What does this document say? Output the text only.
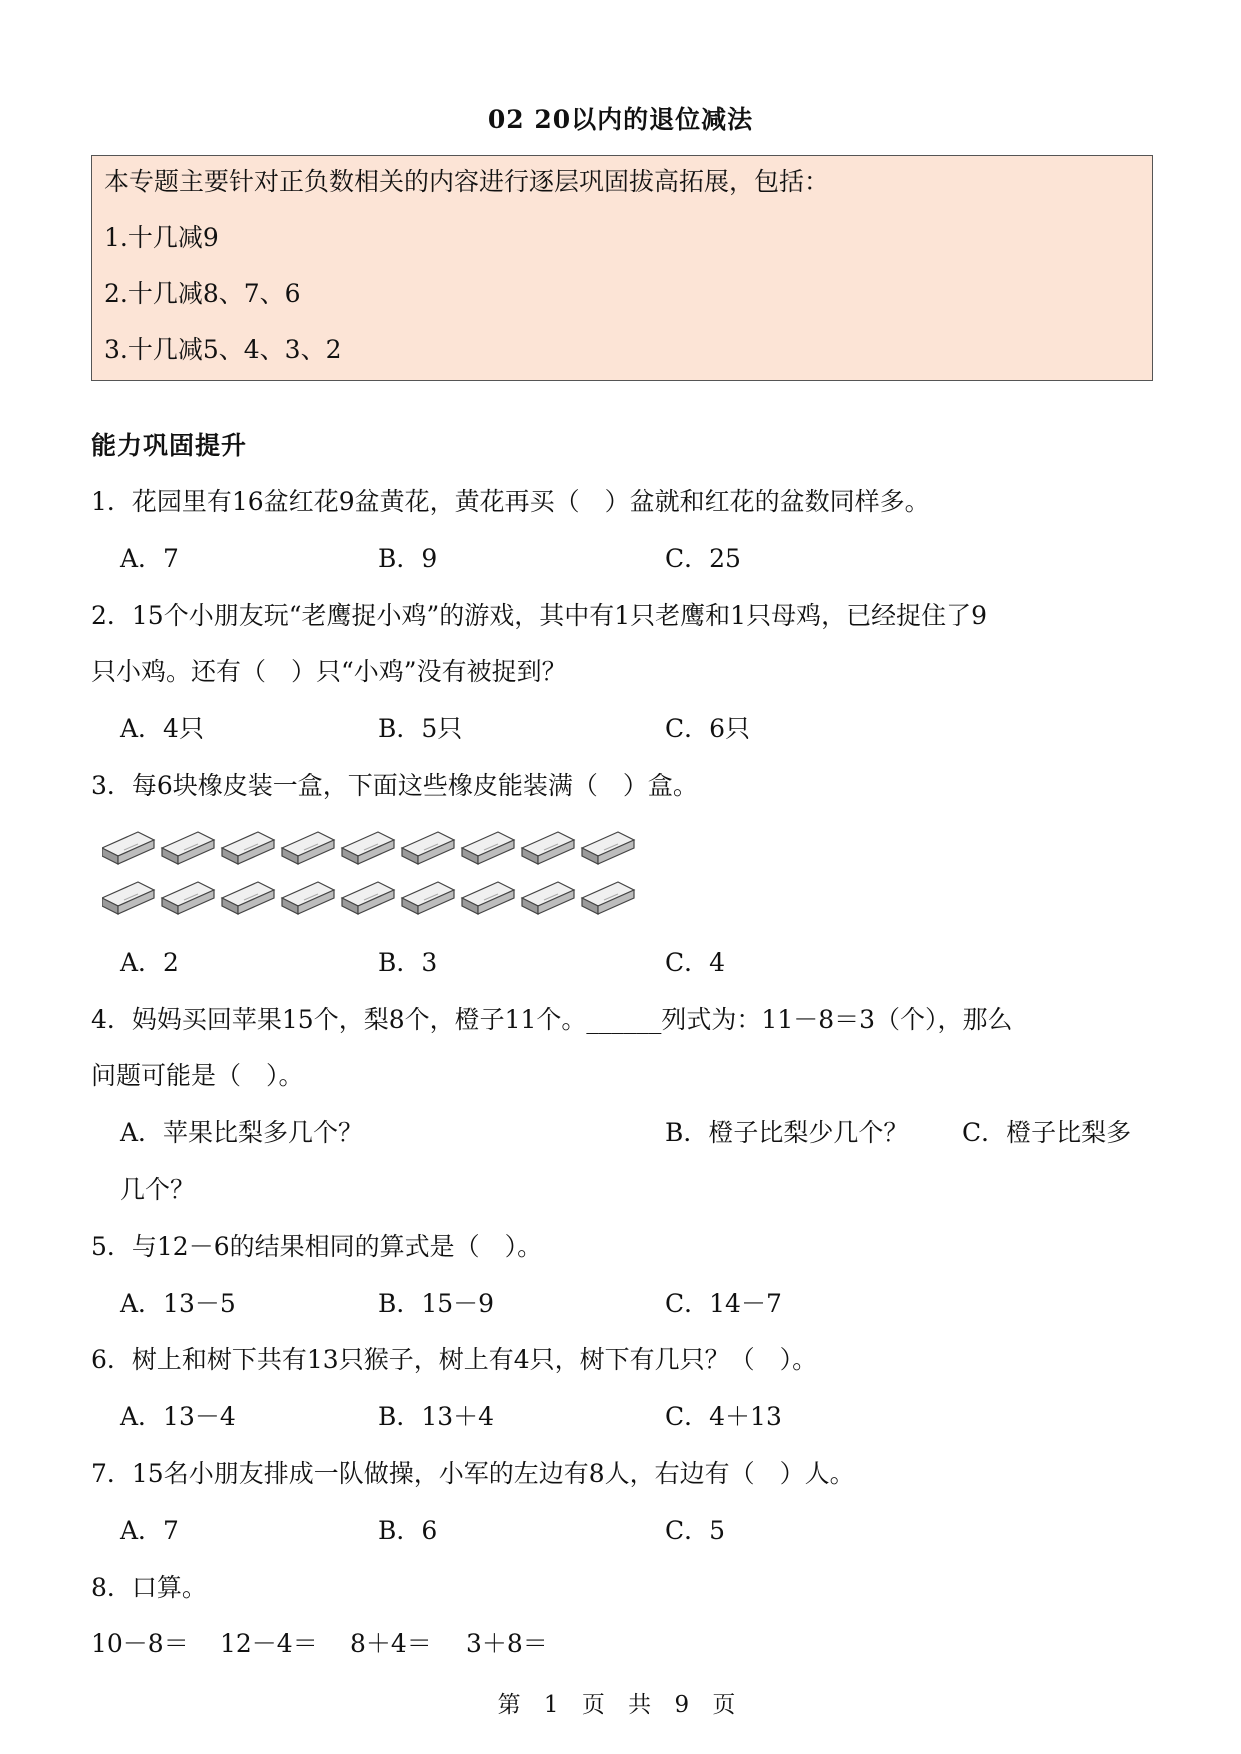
02 20以内的退位减法
本专题主要针对正负数相关的内容进行逐层巩固拔高拓展，包括：
1.十几减9
2.十几减8、7、6
3.十几减5、4、3、2
能力巩固提升
1．花园里有16盆红花9盆黄花，黄花再买（　）盆就和红花的盆数同样多。
A．7	B．9	C．25
2．15个小朋友玩“老鹰捉小鸡”的游戏，其中有1只老鹰和1只母鸡，已经捉住了9
只小鸡。还有（　）只“小鸡”没有被捉到？
A．4只	B．5只	C．6只
3．每6块橡皮装一盒，下面这些橡皮能装满（　）盒。
A．2	B．3	C．4
4．妈妈买回苹果15个，梨8个，橙子11个。______列式为：11－8＝3（个），那么
问题可能是（　）。
A．苹果比梨多几个？	B．橙子比梨少几个？ C．橙子比梨多
几个？
5．与12－6的结果相同的算式是（　）。
A．13－5	B．15－9	C．14－7
6．树上和树下共有13只猴子，树上有4只，树下有几只？（　）。
A．13－4	B．13＋4	C．4＋13
7．15名小朋友排成一队做操，小军的左边有8人，右边有（　）人。
A．7	B．6	C．5
8．口算。
10－8＝ 12－4＝ 8＋4＝ 3＋8＝
第 1 页 共 9 页
